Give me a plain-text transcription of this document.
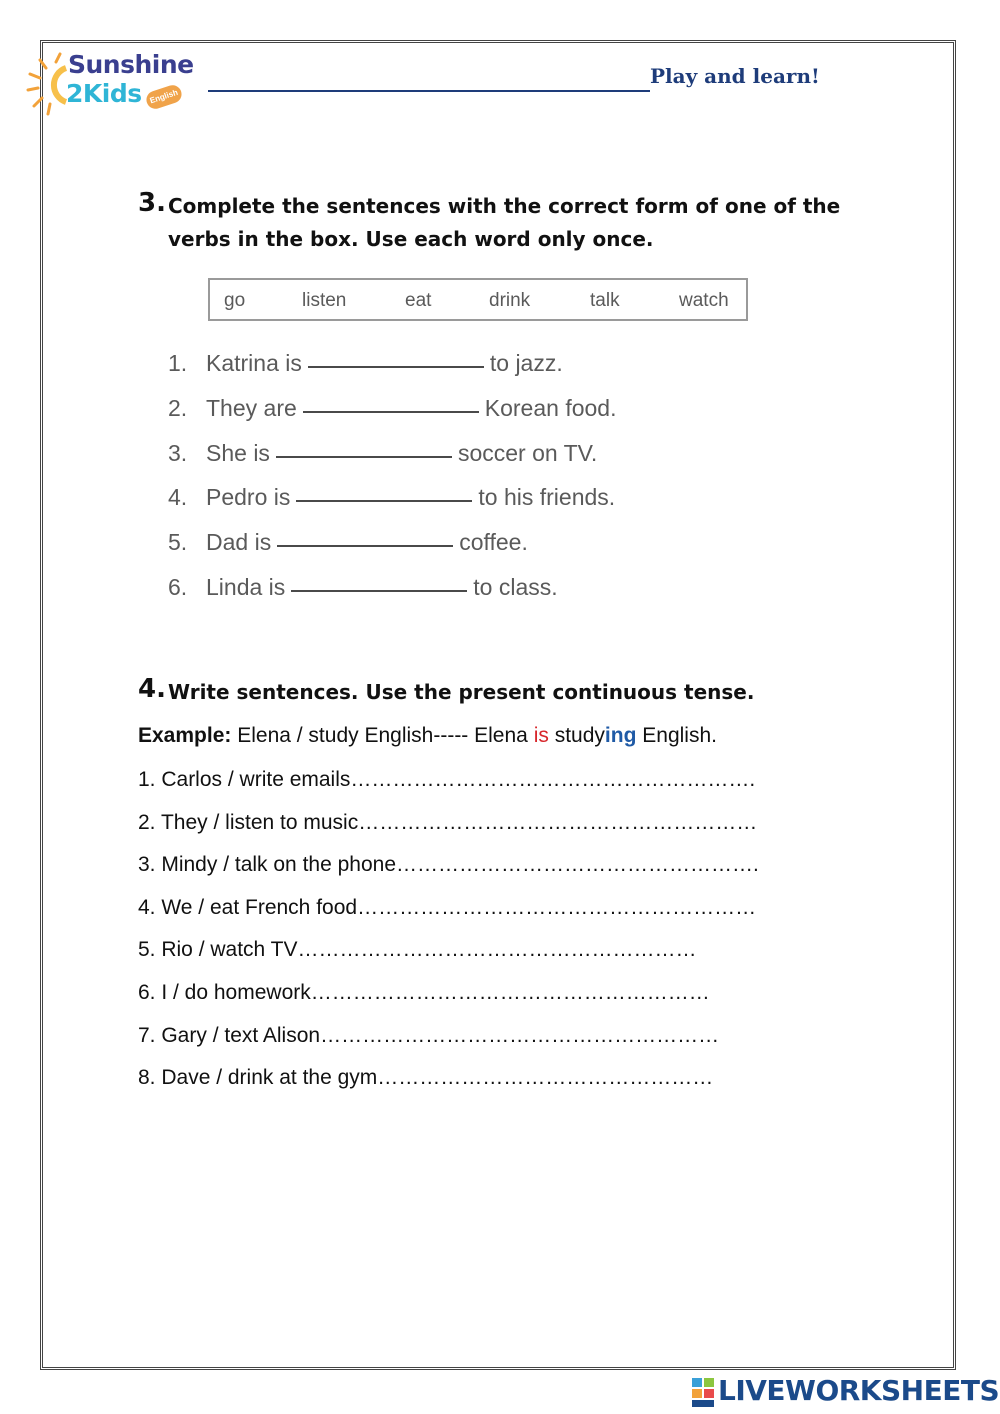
Sunshine
2Kids English
Play and learn!
3. Complete the sentences with the correct form of one of the
verbs in the box. Use each word only once.
go	listen	eat	drink	talk	watch
1. Katrina is	to jazz.
2. They are	Korean food.
3. She is	soccer on TV.
4. Pedro is	to his friends.
5. Dad is	coffee.
6. Linda is	to class.
4. Write sentences. Use the present continuous tense.
Example: Elena / study English----- Elena is studying English.
1. Carlos / write emails………………………………………………….
2. They / listen to music…………………………………………………
3. Mindy / talk on the phone…………………………………………….
4. We / eat French food…………………………………………………
5. Rio / watch TV…………………………………………………
6. I / do homework…………………………………………………
7. Gary / text Alison…………………………………………………
8. Dave / drink at the gym…………………………………………
LIVEWORKSHEETS
